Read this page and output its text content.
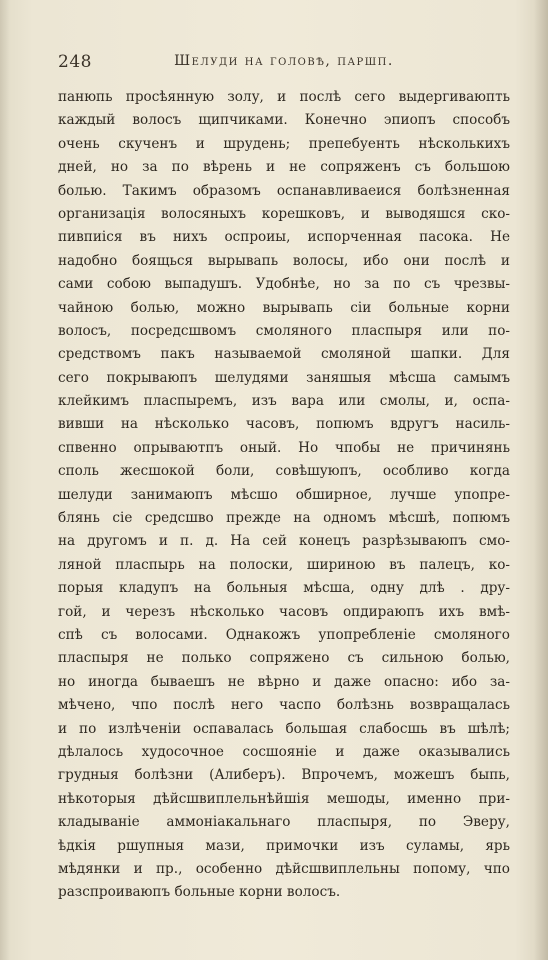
248	Шелуди на головѣ, паршп.
панюпь просѣянную золу, и послѣ сего выдергиваюпть
каждый волосъ щипчиками. Конечно эпиопъ способъ
очень скученъ и шрудень; препебуенть нѣсколькихъ
дней, но за по вѣрень и не сопряженъ съ большою
болью. Такимъ образомъ оспанавливаеися болѣзненная
организація волосяныхъ корешковъ, и выводяшся ско-
пивпиіся въ нихъ оспроиы, испорченная пасока. Не
надобно боящься вырывапь волосы, ибо они послѣ и
сами собою выпадушъ. Удобнѣе, но за по съ чрезвы-
чайною болью, можно вырывапь сіи больные корни
волосъ, посредсшвомъ смоляного пласпыря или по-
средствомъ пакъ называемой смоляной шапки. Для
сего покрываюпъ шелудями заняшыя мѣсша самымъ
клейкимъ пласпыремъ, изъ вара или смолы, и, оспа-
вивши на нѣсколько часовъ, попюмъ вдругъ насиль-
спвенно опрываютпъ оный. Но чпобы не причинянь
споль жесшокой боли, совѣшуюпъ, особливо когда
шелуди занимаюпъ мѣсшо обширное, лучше упопре-
блянь сіе средсшво прежде на одномъ мѣсшѣ, попюмъ
на другомъ и п. д. На сей конецъ разрѣзываюпъ смо-
ляной пласпырь на полоски, шириною въ палецъ, ко-
порыя кладупъ на больныя мѣсша, одну длѣ . дру-
гой, и черезъ нѣсколько часовъ опдираюпъ ихъ вмѣ-
спѣ съ волосами. Однакожъ упопребленіе смоляного
пласпыря не полько сопряжено съ сильною болью,
но иногда бываешъ не вѣрно и даже опасно: ибо за-
мѣчено, чпо послѣ него часпо болѣзнь возвращалась
и по излѣченіи оспавалась большая слабосшь въ шѣлѣ;
дѣлалось худосочное сосшояніе и даже оказывались
грудныя болѣзни (Алиберъ). Впрочемъ, можешъ быпь,
нѣкоторыя дѣйсшвиплельнѣйшія мешоды, именно при-
кладываніе аммоніакальнаго пласпыря, по Эверу,
ѣдкія ршупныя мази, примочки изъ суламы, ярь
мѣдянки и пр., особенно дѣйсшвиплельны попому, чпо
разспроиваюпъ больные корни волосъ.
